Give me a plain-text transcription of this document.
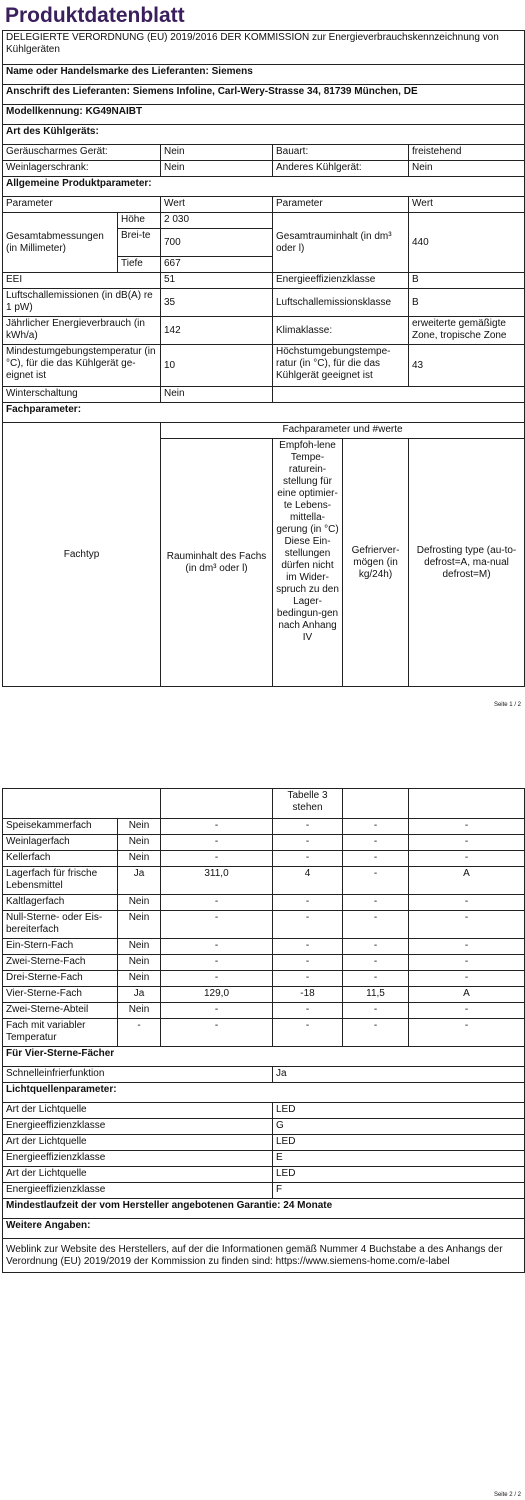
Produktdatenblatt
DELEGIERTE VERORDNUNG (EU) 2019/2016 DER KOMMISSION zur Energieverbrauchskennzeichnung von Kühlgeräten			
Name oder Handelsmarke des Lieferanten: Siemens			
Anschrift des Lieferanten: Siemens Infoline, Carl-Wery-Strasse 34, 81739 München, DE			
Modellkennung: KG49NAIBT			
Art des Kühlgeräts:			
Geräuscharmes Gerät:	Nein	Bauart:	freistehend
Weinlagerschrank:	Nein	Anderes Kühlgerät:	Nein
Allgemeine Produktparameter:			
Parameter	Wert	Parameter	Wert
Gesamtabmessungen (in Millimeter)	Höhe	2 030	Gesamtrauminhalt (in dm³ oder l)	440
	Brei-te	700		
	Tiefe	667		
EEI		51	Energieeffizienzklasse	B
Luftschallemissionen (in dB(A) re 1 pW)		35	Luftschallemissionsklasse	B
Jährlicher Energieverbrauch (in kWh/a)		142	Klimaklasse:	erweiterte gemäßigte Zone, tropische Zone
Mindestumgebungstemperatur (in °C), für die das Kühlgerät ge-eignet ist		10	Höchstumgebungstempe-ratur (in °C), für die das Kühlgerät geeignet ist	43
Winterschaltung		Nein		
Fachparameter:				
Fachtyp	Fachparameter und #werte			
	Rauminhalt des Fachs (in dm³ oder l)	Empfoh-lene Tempe-raturein-stellung für eine optimier-te Lebens-mittella-gerung (in °C) Diese Ein-stellungen dürfen nicht im Wider-spruch zu den Lager-bedingun-gen nach Anhang IV	Gefrierver-mögen (in kg/24h)	Defrosting type (au-to-defrost=A, ma-nual defrost=M)
Seite 1 / 2
			Tabelle 3 stehen		
Speisekammerfach	Nein	-	-	-	-
Weinlagerfach	Nein	-	-	-	-
Kellerfach	Nein	-	-	-	-
Lagerfach für frische Lebensmittel	Ja	311,0	4	-	A
Kaltlagerfach	Nein	-	-	-	-
Null-Sterne- oder Eis-bereiterfach	Nein	-	-	-	-
Ein-Stern-Fach	Nein	-	-	-	-
Zwei-Sterne-Fach	Nein	-	-	-	-
Drei-Sterne-Fach	Nein	-	-	-	-
Vier-Sterne-Fach	Ja	129,0	-18	11,5	A
Zwei-Sterne-Abteil	Nein	-	-	-	-
Fach mit variabler Temperatur	-	-	-	-	-
Für Vier-Sterne-Fächer	
Schnelleinfrierfunktion	Ja
Lichtquellenparameter:	
Art der Lichtquelle	LED
Energieeffizienzklasse	G
Art der Lichtquelle	LED
Energieeffizienzklasse	E
Art der Lichtquelle	LED
Energieeffizienzklasse	F
Mindestlaufzeit der vom Hersteller angebotenen Garantie: 24 Monate	
Weitere Angaben:	
Weblink zur Website des Herstellers, auf der die Informationen gemäß Nummer 4 Buchstabe a des Anhangs der Verordnung (EU) 2019/2019 der Kommission zu finden sind: https://www.siemens-home.com/e-label	
Seite 2 / 2
